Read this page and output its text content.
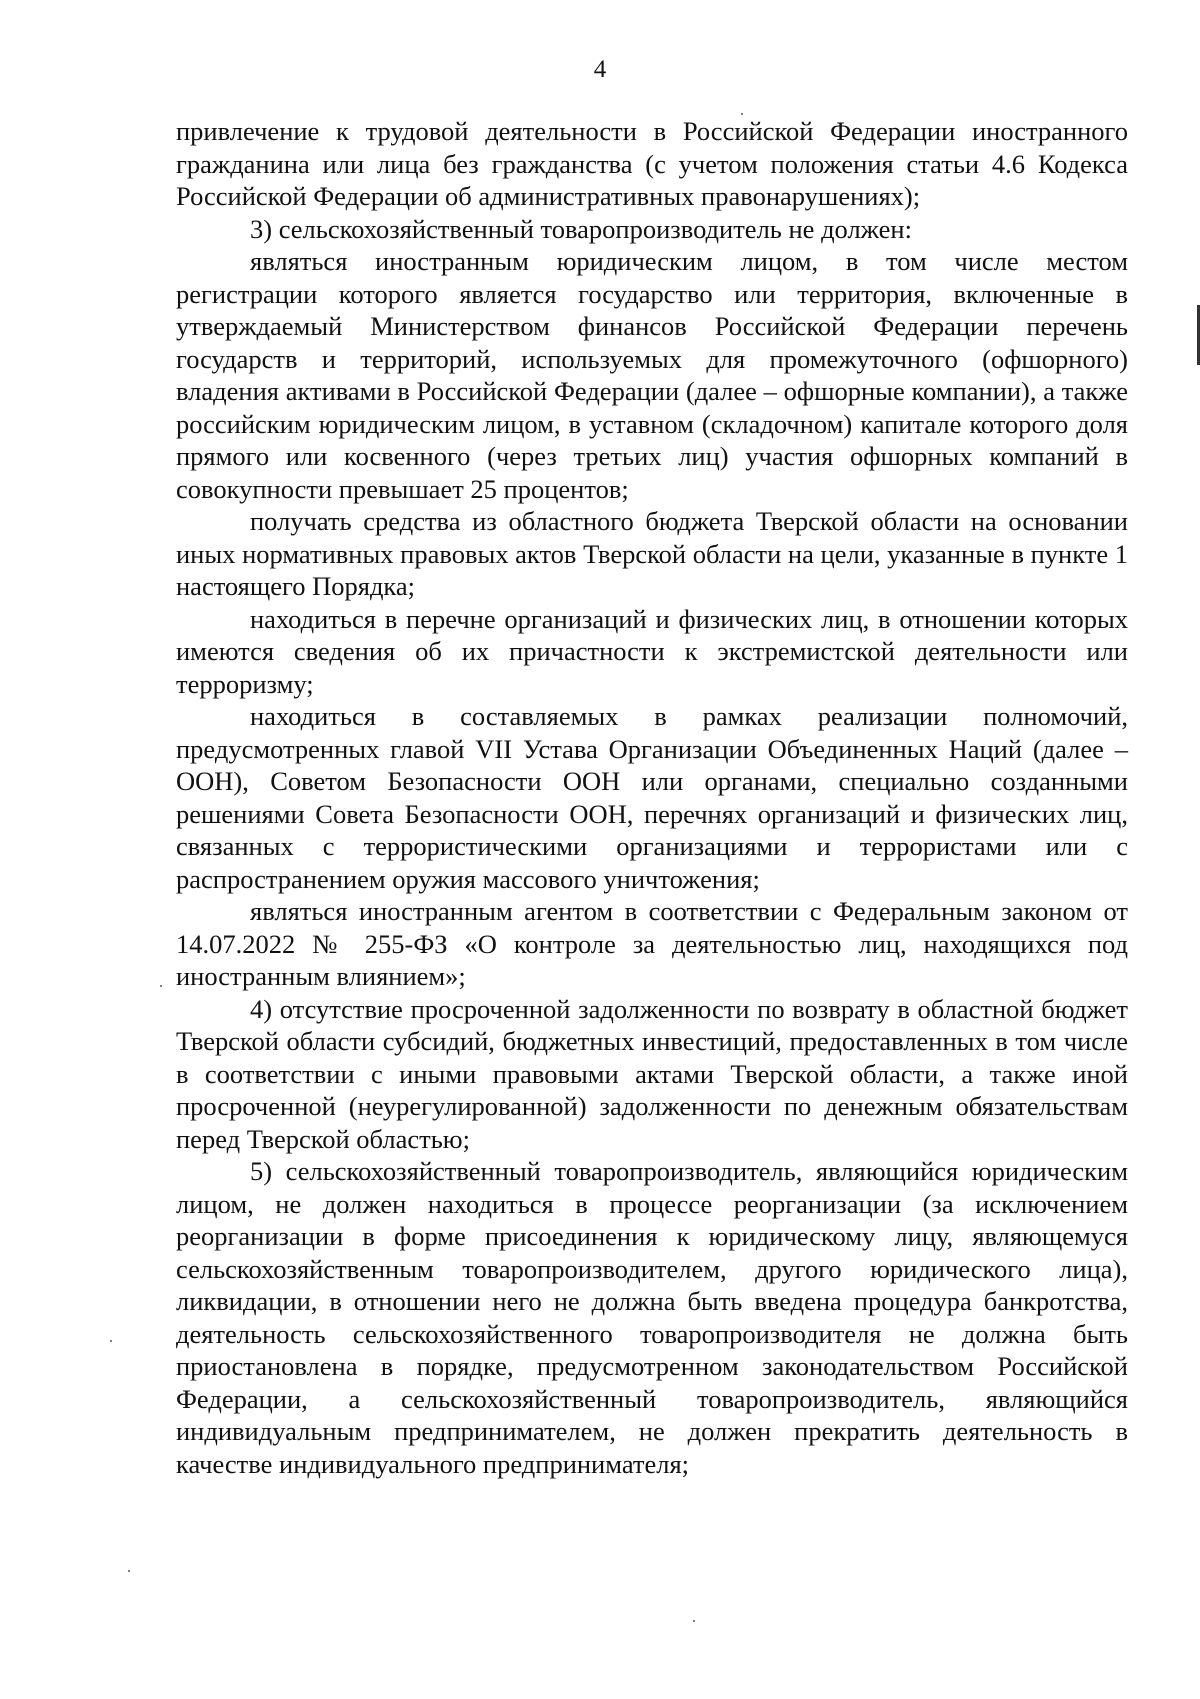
4

привлечение к трудовой деятельности в Российской Федерации иностранного гражданина или лица без гражданства (с учетом положения статьи 4.6 Кодекса Российской Федерации об административных правонарушениях);

3) сельскохозяйственный товаропроизводитель не должен:

являться иностранным юридическим лицом, в том числе местом регистрации которого является государство или территория, включенные в утверждаемый Министерством финансов Российской Федерации перечень государств и территорий, используемых для промежуточного (офшорного) владения активами в Российской Федерации (далее – офшорные компании), а также российским юридическим лицом, в уставном (складочном) капитале которого доля прямого или косвенного (через третьих лиц) участия офшорных компаний в совокупности превышает 25 процентов;

получать средства из областного бюджета Тверской области на основании иных нормативных правовых актов Тверской области на цели, указанные в пункте 1 настоящего Порядка;

находиться в перечне организаций и физических лиц, в отношении которых имеются сведения об их причастности к экстремистской деятельности или терроризму;

находиться в составляемых в рамках реализации полномочий, предусмотренных главой VII Устава Организации Объединенных Наций (далее – ООН), Советом Безопасности ООН или органами, специально созданными решениями Совета Безопасности ООН, перечнях организаций и физических лиц, связанных с террористическими организациями и террористами или с распространением оружия массового уничтожения;

являться иностранным агентом в соответствии с Федеральным законом от 14.07.2022 № 255-ФЗ «О контроле за деятельностью лиц, находящихся под иностранным влиянием»;

4) отсутствие просроченной задолженности по возврату в областной бюджет Тверской области субсидий, бюджетных инвестиций, предоставленных в том числе в соответствии с иными правовыми актами Тверской области, а также иной просроченной (неурегулированной) задолженности по денежным обязательствам перед Тверской областью;

5) сельскохозяйственный товаропроизводитель, являющийся юридическим лицом, не должен находиться в процессе реорганизации (за исключением реорганизации в форме присоединения к юридическому лицу, являющемуся сельскохозяйственным товаропроизводителем, другого юридического лица), ликвидации, в отношении него не должна быть введена процедура банкротства, деятельность сельскохозяйственного товаропроизводителя не должна быть приостановлена в порядке, предусмотренном законодательством Российской Федерации, а сельскохозяйственный товаропроизводитель, являющийся индивидуальным предпринимателем, не должен прекратить деятельность в качестве индивидуального предпринимателя;
